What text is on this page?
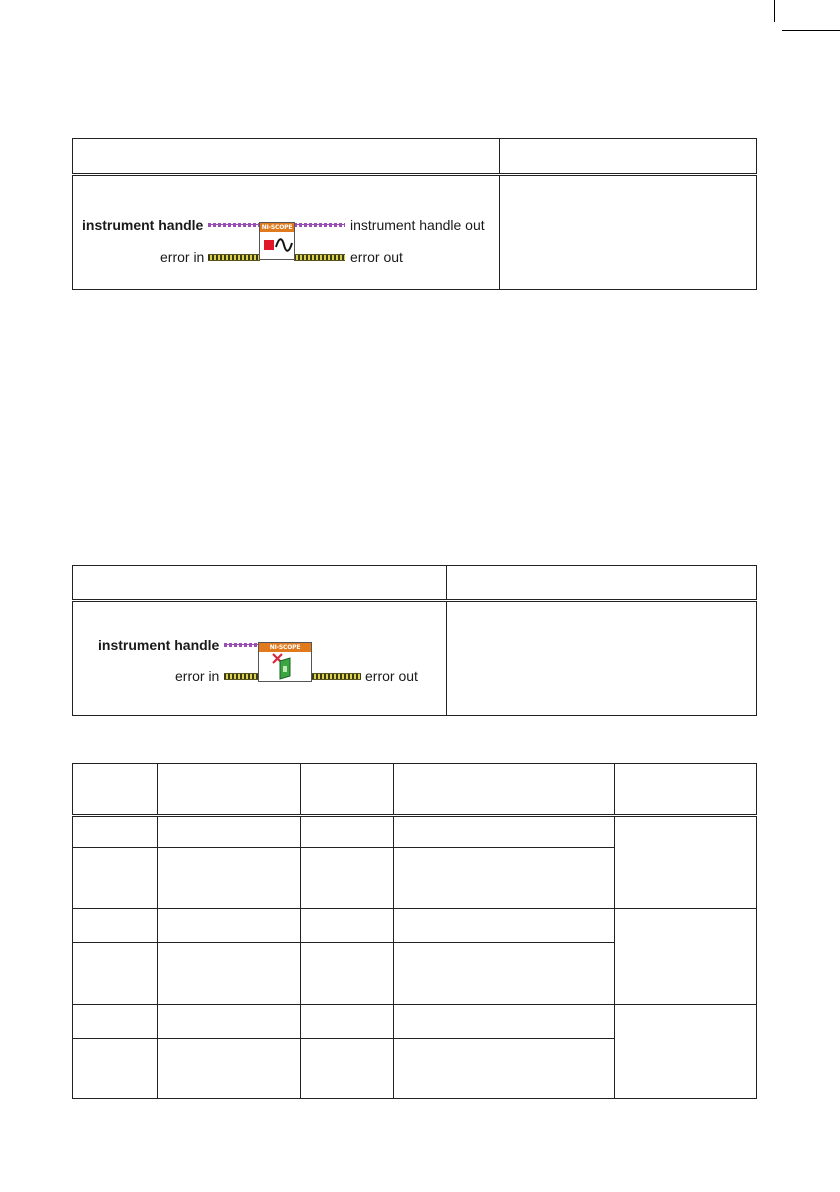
instrument handle instrument handle out
error in error out
NI-SCOPE	

instrument handle
error in error out
NI-SCOPE	
